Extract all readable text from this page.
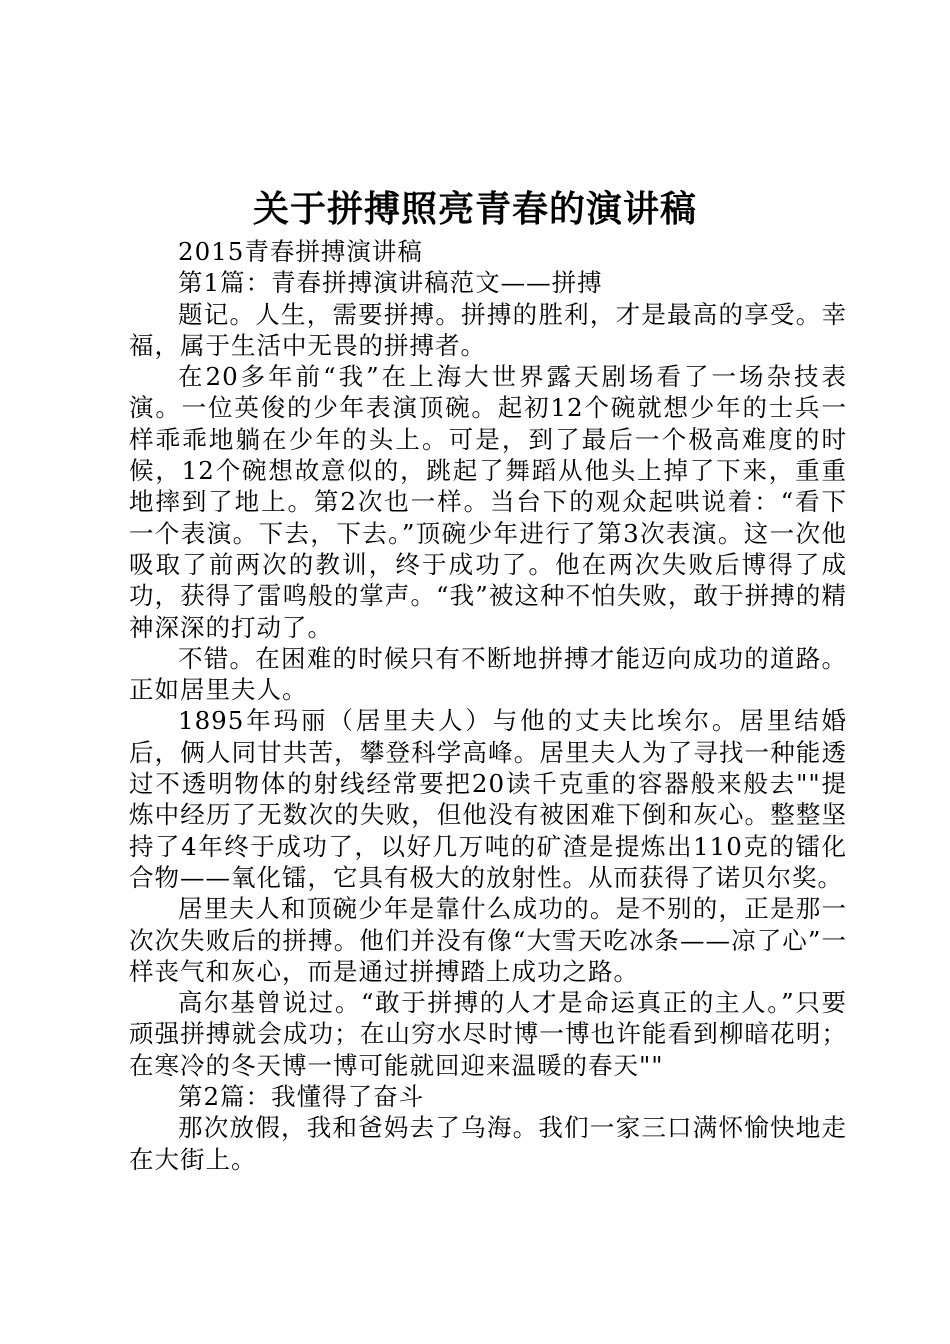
关于拼搏照亮青春的演讲稿

2015青春拼搏演讲稿

第1篇：青春拼搏演讲稿范文——拼搏

题记。人生，需要拼搏。拼搏的胜利，才是最高的享受。幸福，属于生活中无畏的拼搏者。

在20多年前“我”在上海大世界露天剧场看了一场杂技表演。一位英俊的少年表演顶碗。起初12个碗就想少年的士兵一样乖乖地躺在少年的头上。可是，到了最后一个极高难度的时候，12个碗想故意似的，跳起了舞蹈从他头上掉了下来，重重地摔到了地上。第2次也一样。当台下的观众起哄说着：“看下一个表演。下去，下去。”顶碗少年进行了第3次表演。这一次他吸取了前两次的教训，终于成功了。他在两次失败后博得了成功，获得了雷鸣般的掌声。“我”被这种不怕失败，敢于拼搏的精神深深的打动了。

不错。在困难的时候只有不断地拼搏才能迈向成功的道路。正如居里夫人。

1895年玛丽（居里夫人）与他的丈夫比埃尔。居里结婚后，俩人同甘共苦，攀登科学高峰。居里夫人为了寻找一种能透过不透明物体的射线经常要把20读千克重的容器般来般去""提炼中经历了无数次的失败，但他没有被困难下倒和灰心。整整坚持了4年终于成功了，以好几万吨的矿渣是提炼出110克的镭化合物——氧化镭，它具有极大的放射性。从而获得了诺贝尔奖。

居里夫人和顶碗少年是靠什么成功的。是不别的，正是那一次次失败后的拼搏。他们并没有像“大雪天吃冰条——凉了心”一样丧气和灰心，而是通过拼搏踏上成功之路。

高尔基曾说过。“敢于拼搏的人才是命运真正的主人。”只要顽强拼搏就会成功；在山穷水尽时博一博也许能看到柳暗花明；在寒冷的冬天博一博可能就回迎来温暖的春天""

第2篇：我懂得了奋斗

那次放假，我和爸妈去了乌海。我们一家三口满怀愉快地走在大街上。
